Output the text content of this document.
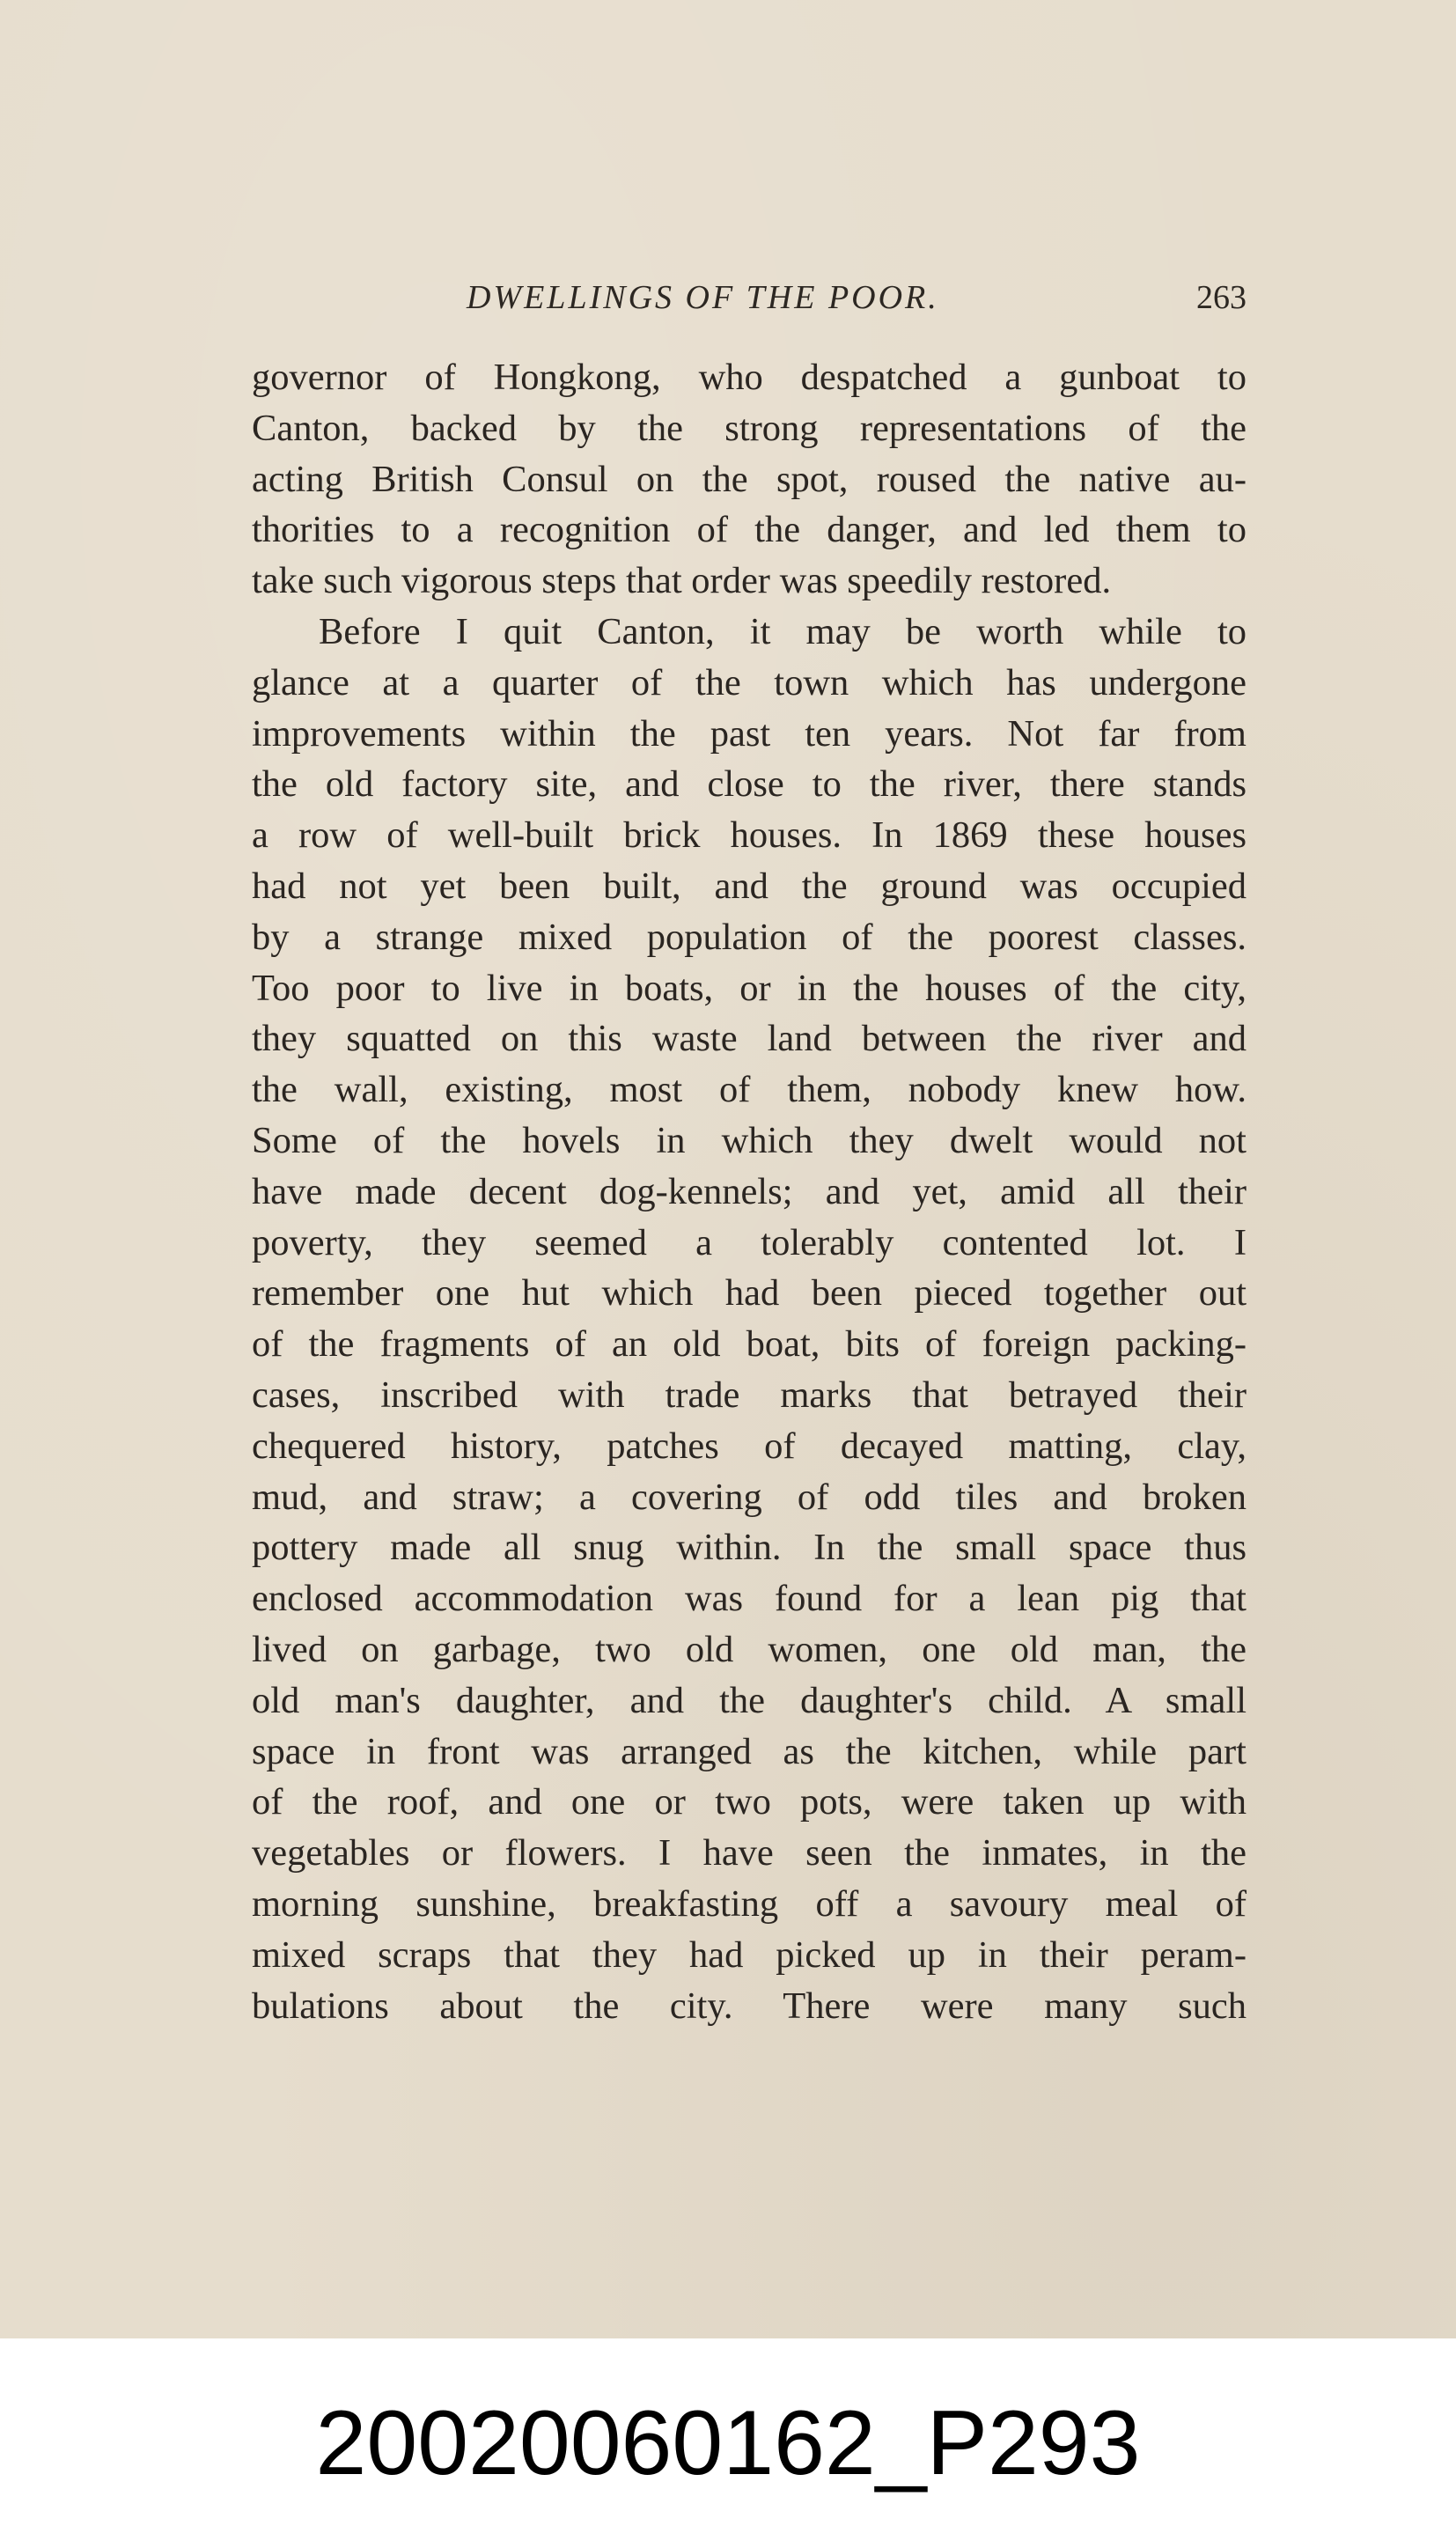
DWELLINGS OF THE POOR.	263
governor of Hongkong, who despatched a gunboat to
Canton, backed by the strong representations of the
acting British Consul on the spot, roused the native au-
thorities to a recognition of the danger, and led them to
take such vigorous steps that order was speedily restored.
Before I quit Canton, it may be worth while to
glance at a quarter of the town which has undergone
improvements within the past ten years. Not far from
the old factory site, and close to the river, there stands
a row of well-built brick houses. In 1869 these houses
had not yet been built, and the ground was occupied
by a strange mixed population of the poorest classes.
Too poor to live in boats, or in the houses of the city,
they squatted on this waste land between the river and
the wall, existing, most of them, nobody knew how.
Some of the hovels in which they dwelt would not
have made decent dog-kennels; and yet, amid all their
poverty, they seemed a tolerably contented lot. I
remember one hut which had been pieced together out
of the fragments of an old boat, bits of foreign packing-
cases, inscribed with trade marks that betrayed their
chequered history, patches of decayed matting, clay,
mud, and straw; a covering of odd tiles and broken
pottery made all snug within. In the small space thus
enclosed accommodation was found for a lean pig that
lived on garbage, two old women, one old man, the
old man's daughter, and the daughter's child. A small
space in front was arranged as the kitchen, while part
of the roof, and one or two pots, were taken up with
vegetables or flowers. I have seen the inmates, in the
morning sunshine, breakfasting off a savoury meal of
mixed scraps that they had picked up in their peram-
bulations about the city. There were many such
20020060162_P293
